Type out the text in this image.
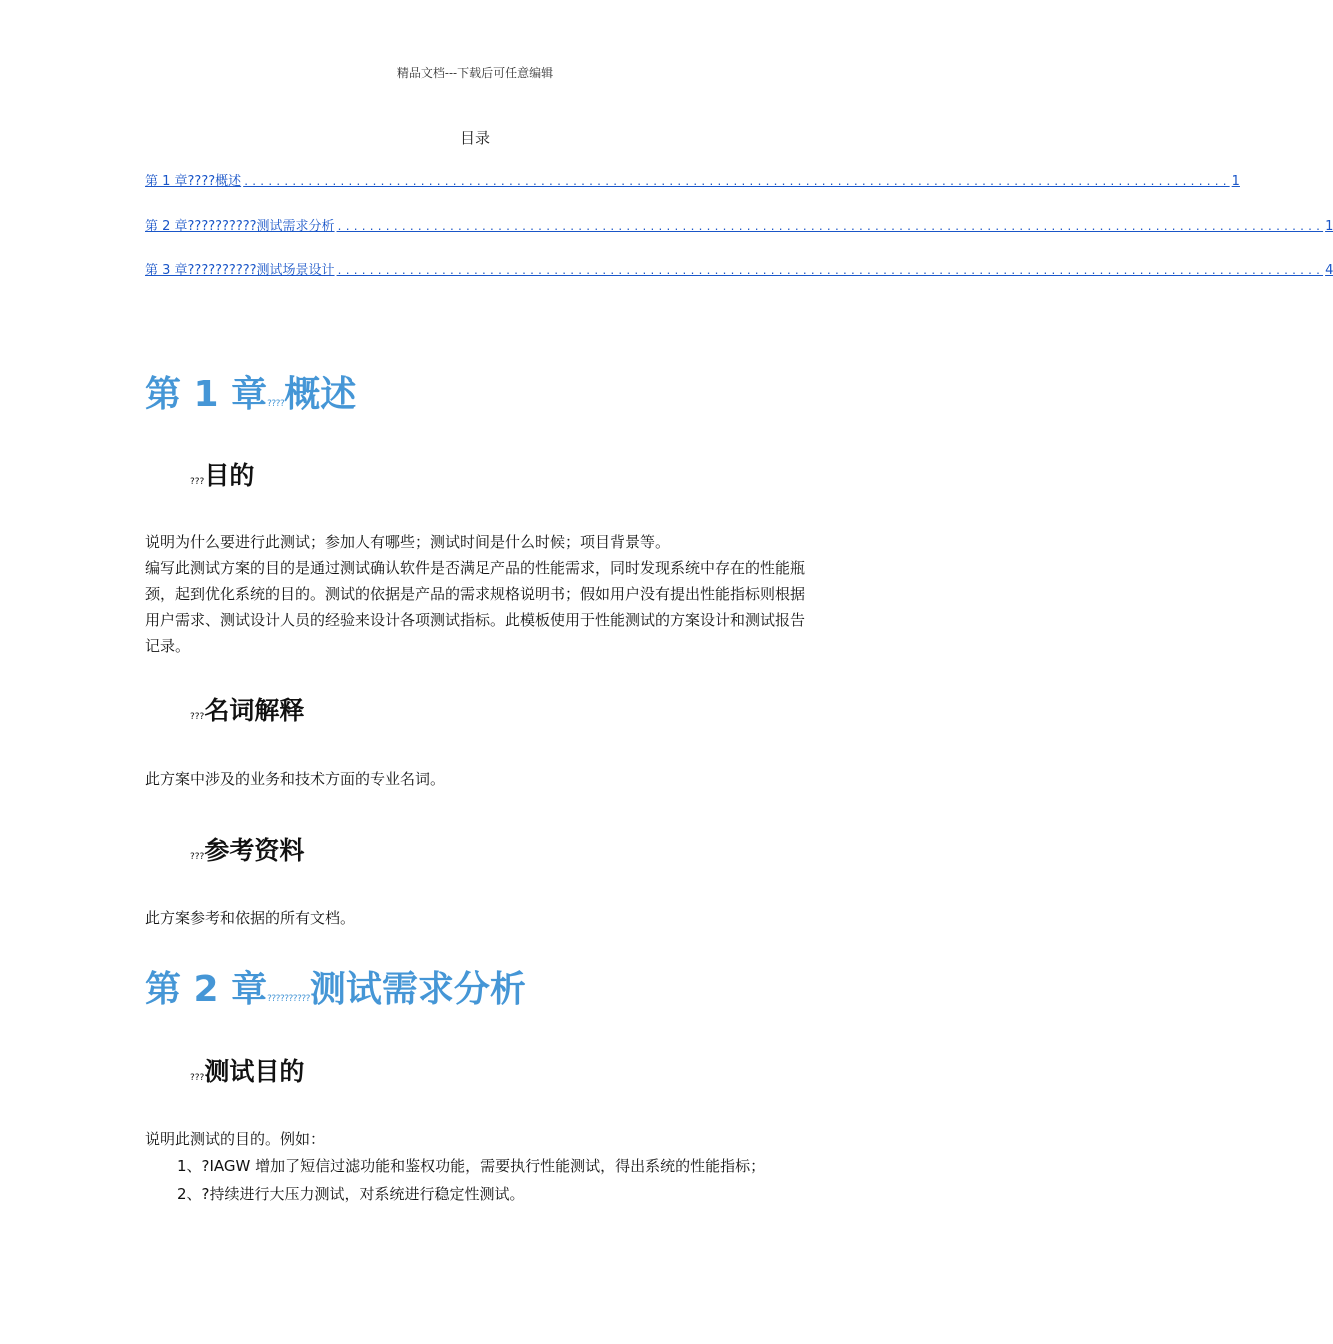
精品文档---下载后可任意编辑
目录
第 1 章????概述 ........................................................................................................................... 1
第 2 章??????????测试需求分析 ........................................................................................................................... 1
第 3 章??????????测试场景设计 ........................................................................................................................... 4
第 1 章????概述
???目的

说明为什么要进行此测试；参加人有哪些；测试时间是什么时候；项目背景等。

编写此测试方案的目的是通过测试确认软件是否满足产品的性能需求，同时发现系统中存在的性能瓶颈，起到优化系统的目的。测试的依据是产品的需求规格说明书；假如用户没有提出性能指标则根据用户需求、测试设计人员的经验来设计各项测试指标。此模板使用于性能测试的方案设计和测试报告记录。

???名词解释

此方案中涉及的业务和技术方面的专业名词。

???参考资料

此方案参考和依据的所有文档。

第 2 章??????????测试需求分析
???测试目的

说明此测试的目的。例如：

1、?IAGW 增加了短信过滤功能和鉴权功能，需要执行性能测试，得出系统的性能指标；
2、?持续进行大压力测试，对系统进行稳定性测试。
